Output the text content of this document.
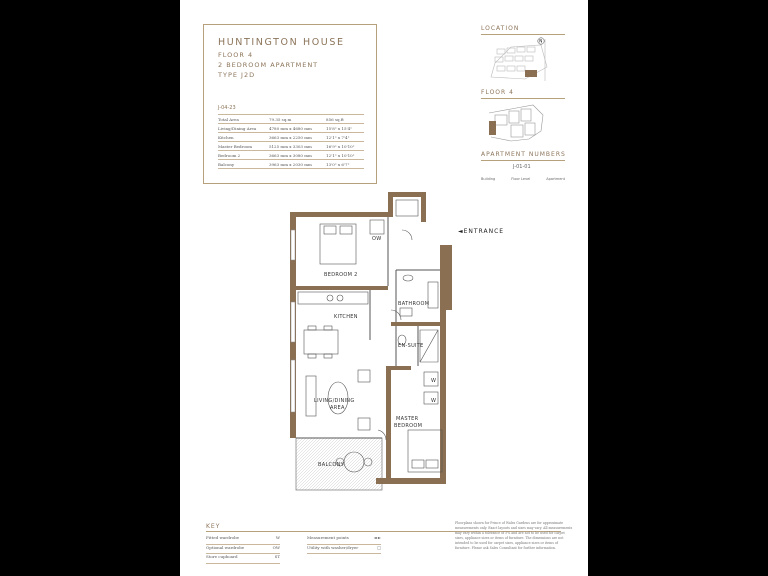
HUNTINGTON HOUSE
FLOOR 4
2 BEDROOM APARTMENT
TYPE J2D
J-04-23
Total Area	79.35 sq.m	856 sq.ft
Living/Dining Area	4780 mm x 4680 mm	15'8" x 15'4"
Kitchen	3663 mm x 2250 mm	12'1" x 7'4"
Master Bedroom	5125 mm x 3303 mm	16'9" x 10'10"
Bedroom 2	3663 mm x 3080 mm	12'1" x 10'10"
Balcony	3963 mm x 2030 mm	13'0" x 6'7"
LOCATION
N
FLOOR 4
APARTMENT NUMBERS
J-01-01
Building	Floor Level	Apartment
BEDROOM 2
KITCHEN
LIVING/DINING
AREA
BALCONY
BATHROOM
EN-SUITE
MASTER
BEDROOM
OW
W
W
◄ENTRANCE
KEY
Fitted wardrobe	W
Optional wardrobe	OW
Store cupboard	ST
Measurement points	◄ ►
Utility with washer/dryer	□
Floorplans shown for Prince of Wales Gardens are for approximate measurements only. Exact layouts and sizes may vary. All measurements may vary within a tolerance of 5% and are not to be used for carpet sizes, appliance sizes or items of furniture. The dimensions are not intended to be used for carpet sizes, appliance sizes or items of furniture. Please ask Sales Consultant for further information.
